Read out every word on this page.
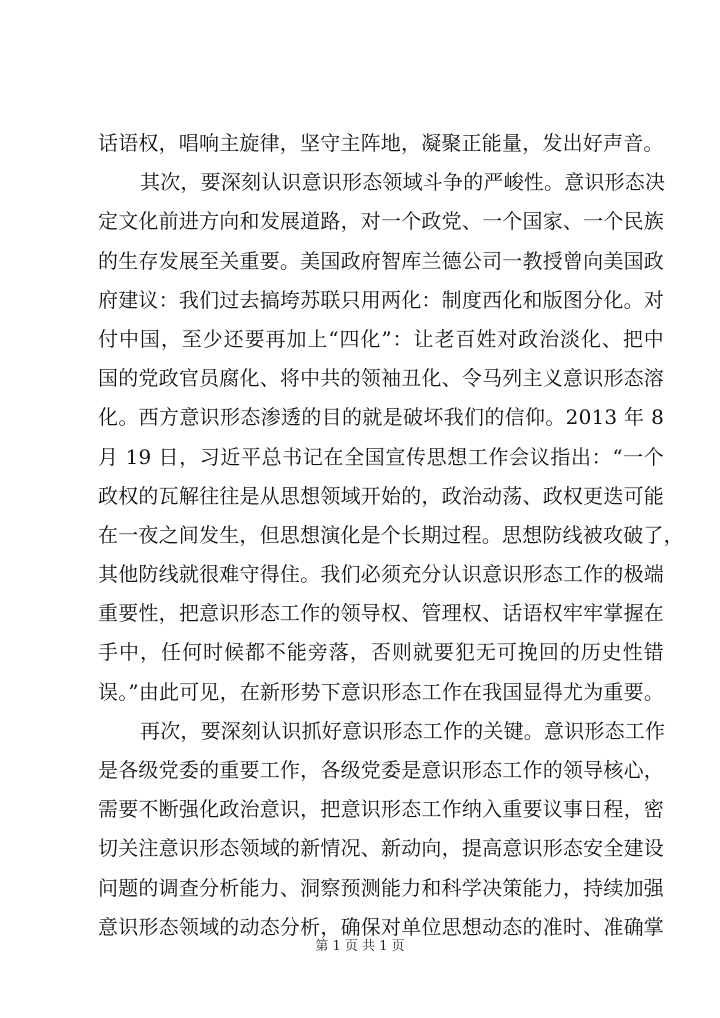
话语权，唱响主旋律，坚守主阵地，凝聚正能量，发出好声音。
其次，要深刻认识意识形态领域斗争的严峻性。意识形态决
定文化前进方向和发展道路，对一个政党、一个国家、一个民族
的生存发展至关重要。美国政府智库兰德公司一教授曾向美国政
府建议：我们过去搞垮苏联只用两化：制度西化和版图分化。对
付中国，至少还要再加上“四化”：让老百姓对政治淡化、把中
国的党政官员腐化、将中共的领袖丑化、令马列主义意识形态溶
化。西方意识形态渗透的目的就是破坏我们的信仰。2013 年 8
月 19 日，习近平总书记在全国宣传思想工作会议指出：“一个
政权的瓦解往往是从思想领域开始的，政治动荡、政权更迭可能
在一夜之间发生，但思想演化是个长期过程。思想防线被攻破了，
其他防线就很难守得住。我们必须充分认识意识形态工作的极端
重要性，把意识形态工作的领导权、管理权、话语权牢牢掌握在
手中，任何时候都不能旁落，否则就要犯无可挽回的历史性错
误。”由此可见，在新形势下意识形态工作在我国显得尤为重要。
再次，要深刻认识抓好意识形态工作的关键。意识形态工作
是各级党委的重要工作，各级党委是意识形态工作的领导核心，
需要不断强化政治意识，把意识形态工作纳入重要议事日程，密
切关注意识形态领域的新情况、新动向，提高意识形态安全建设
问题的调查分析能力、洞察预测能力和科学决策能力，持续加强
意识形态领域的动态分析，确保对单位思想动态的准时、准确掌
第 1 页 共 1 页
